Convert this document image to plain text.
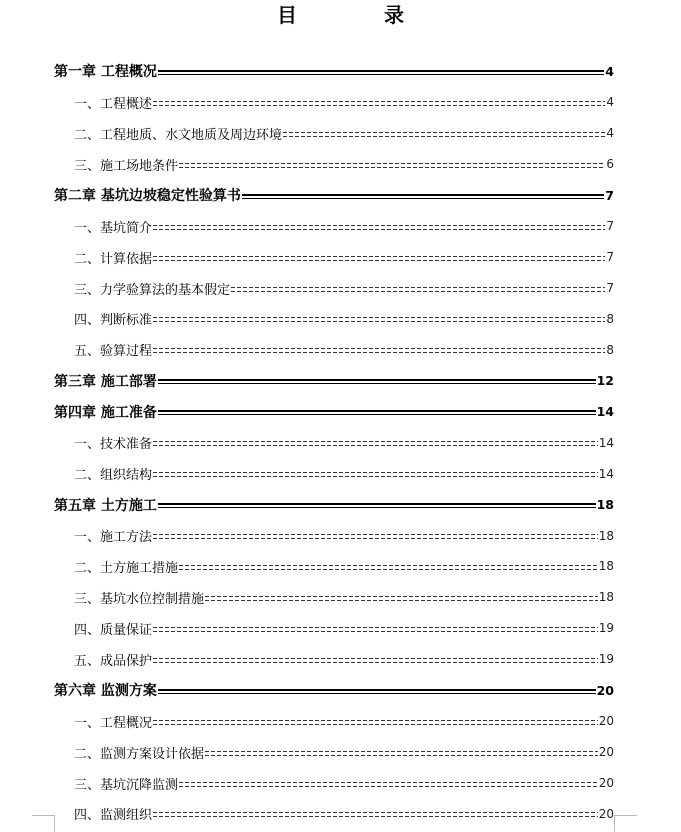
目 录
第一章 工程概况	4
一、工程概述	4
二、工程地质、水文地质及周边环境	4
三、施工场地条件	6
第二章 基坑边坡稳定性验算书	7
一、基坑简介	7
二、计算依据	7
三、力学验算法的基本假定	7
四、判断标准	8
五、验算过程	8
第三章 施工部署	12
第四章 施工准备	14
一、技术准备	14
二、组织结构	14
第五章 土方施工	18
一、施工方法	18
二、土方施工措施	18
三、基坑水位控制措施	18
四、质量保证	19
五、成品保护	19
第六章 监测方案	20
一、工程概况	20
二、监测方案设计依据	20
三、基坑沉降监测	20
四、监测组织	20
